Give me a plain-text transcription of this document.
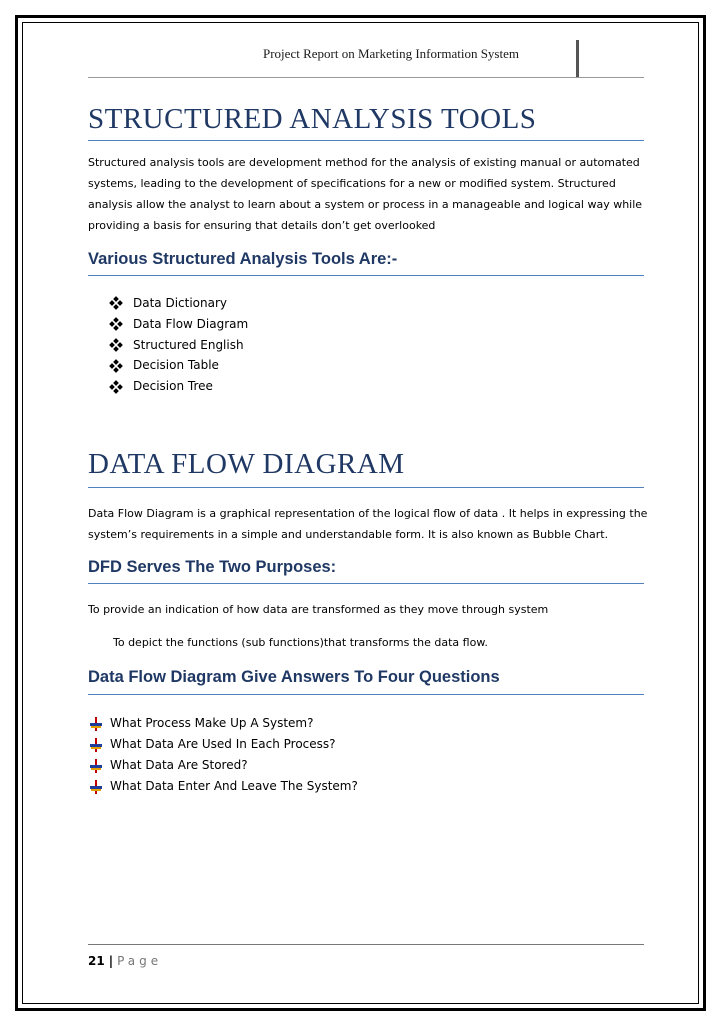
Project Report on Marketing Information System
STRUCTURED ANALYSIS TOOLS
Structured analysis tools are development method for the analysis of existing manual or automated
systems, leading to the development of specifications for a new or modified system. Structured
analysis allow the analyst to learn about a system or process in a manageable and logical way while
providing a basis for ensuring that details don’t get overlooked
Various Structured Analysis Tools Are:-
Data Dictionary
Data Flow Diagram
Structured English
Decision Table
Decision Tree
DATA FLOW DIAGRAM
Data Flow Diagram is a graphical representation of the logical flow of data . It helps in expressing the
system’s requirements in a simple and understandable form. It is also known as Bubble Chart.
DFD Serves The Two Purposes:
To provide an indication of how data are transformed as they move through system
To depict the functions (sub functions)that transforms the data flow.
Data Flow Diagram Give Answers To Four Questions
What Process Make Up A System?
What Data Are Used In Each Process?
What Data Are Stored?
What Data Enter And Leave The System?
21 | Page
